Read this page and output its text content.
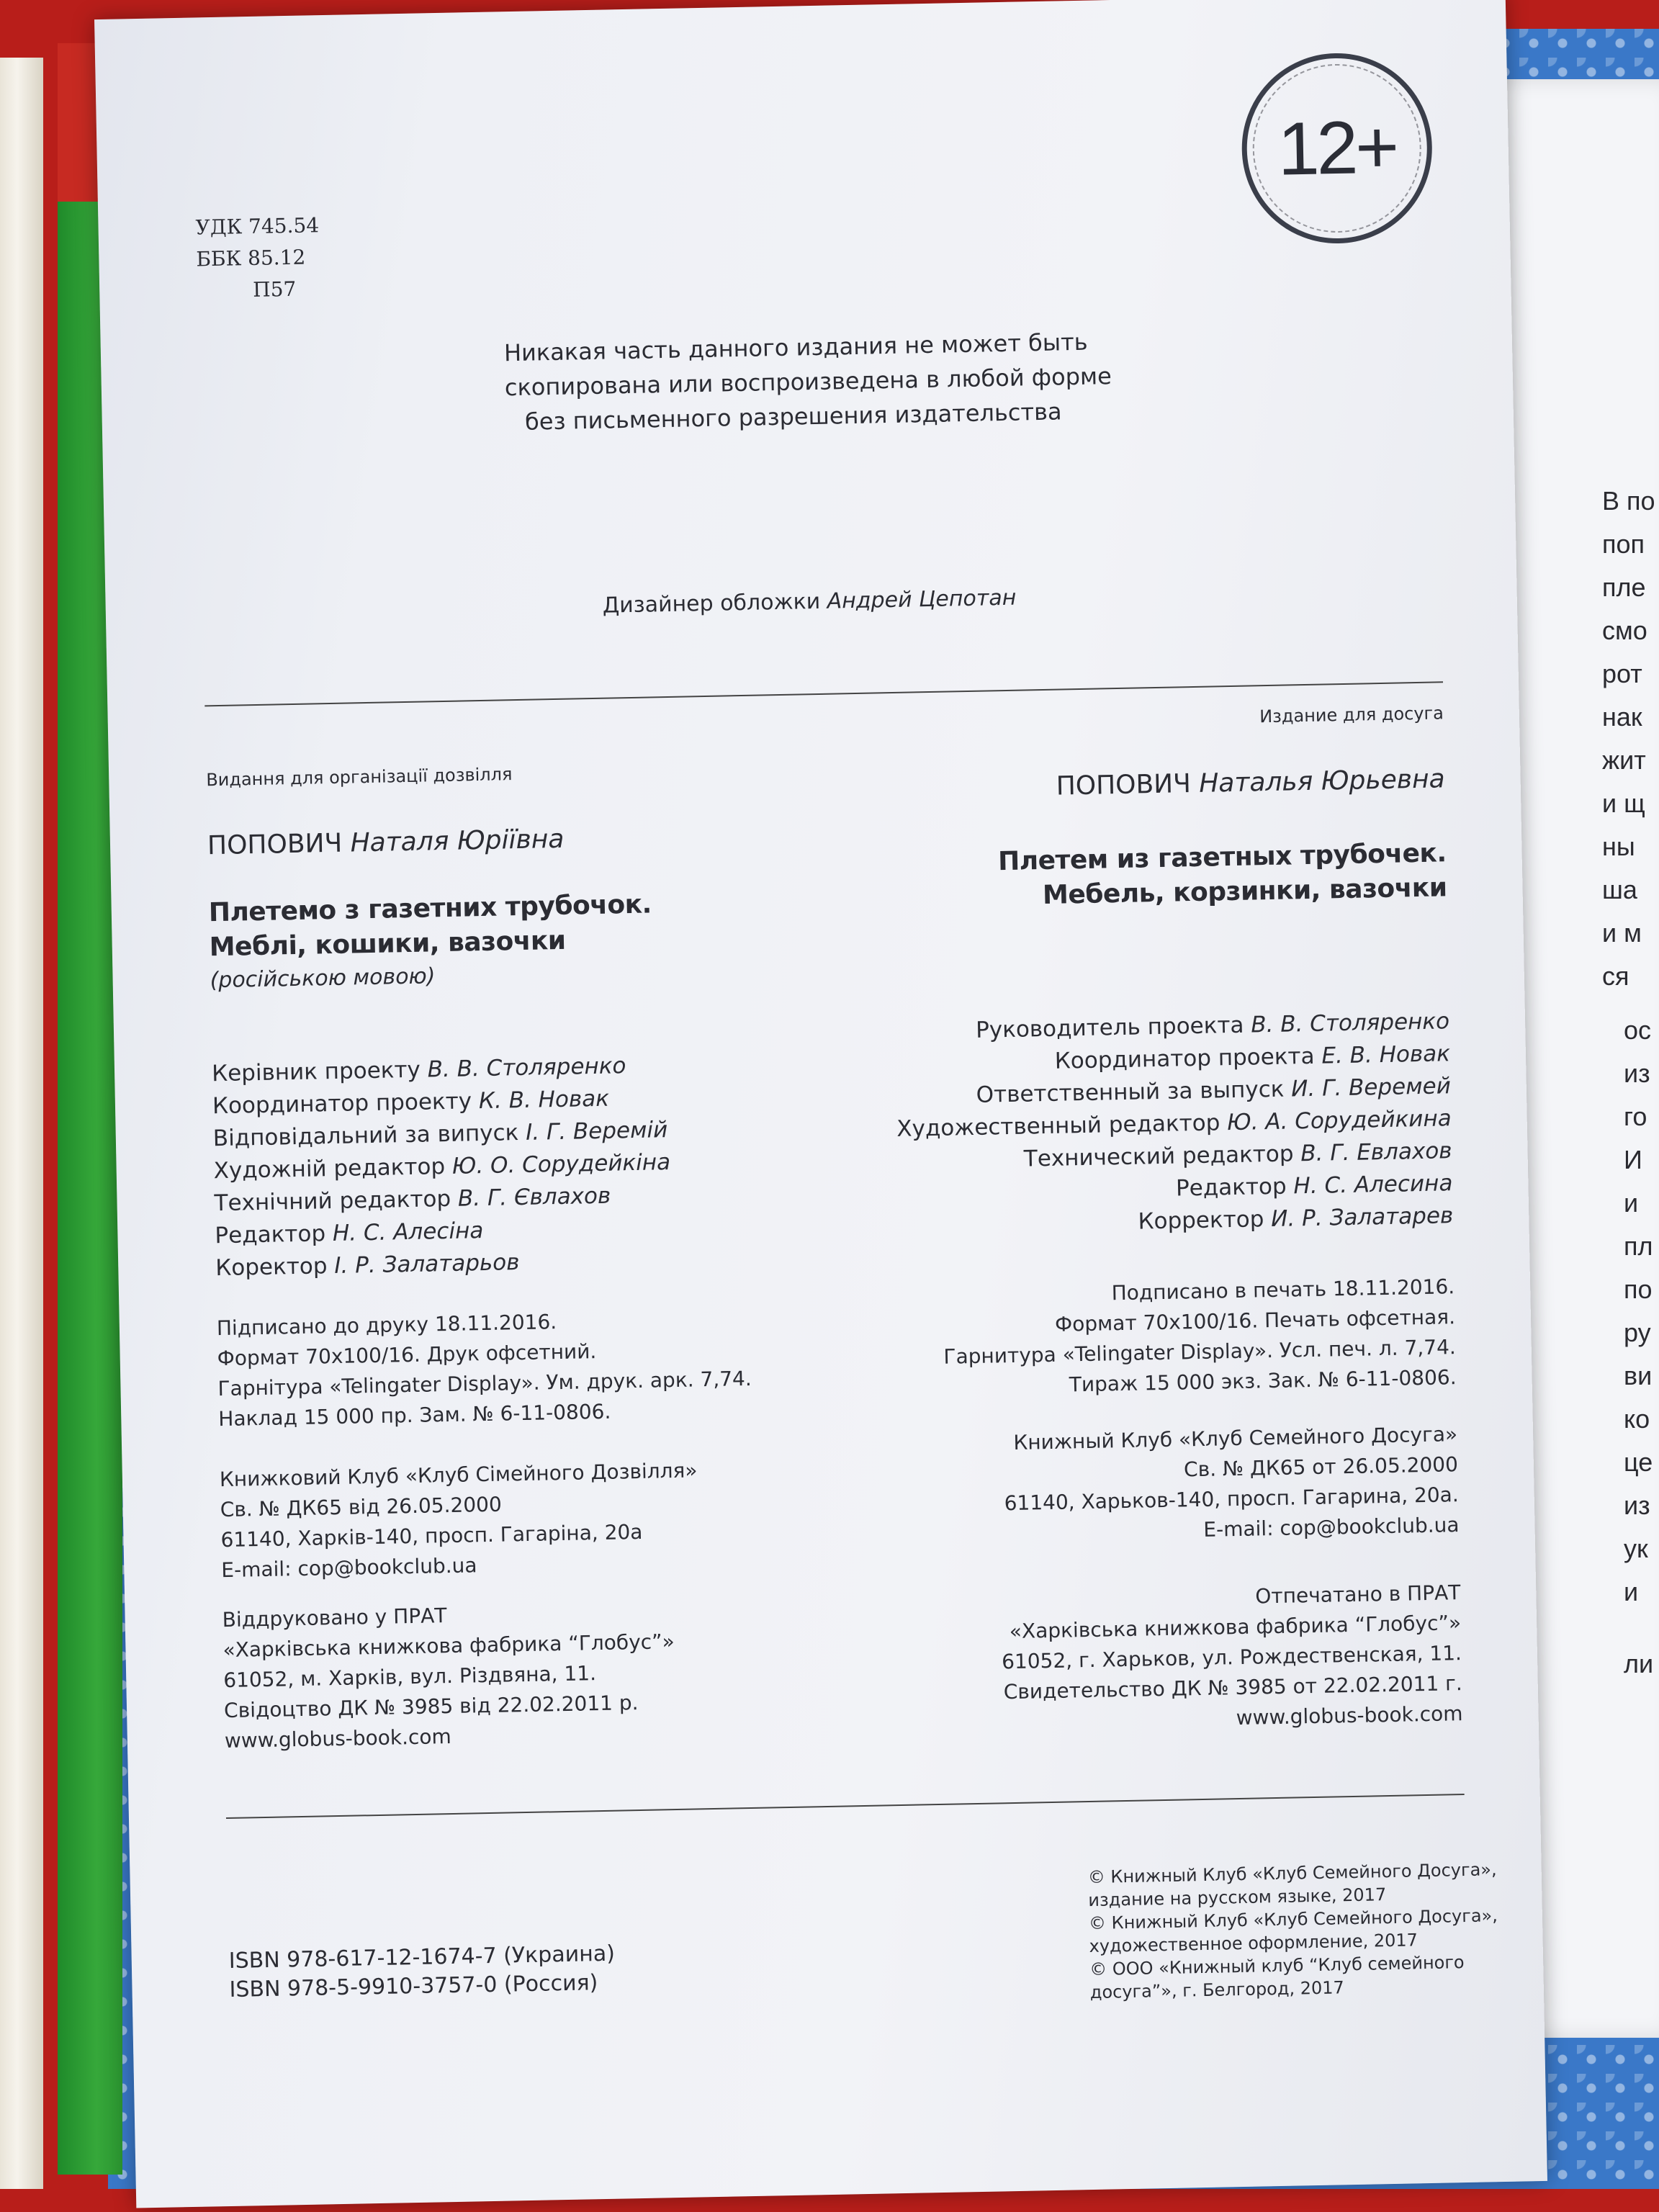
В по
поп
пле
смо
рот
нак
жит
и щ
ны
ша
и м
ся
ос
из
го
И
и
пл
по
ру
ви
ко
це
из
ук
и
ли
УДК 745.54
ББК 85.12
П57
12+
Никакая часть данного издания не может быть
скопирована или воспроизведена в любой форме
без письменного разрешения издательства
Дизайнер обложки Андрей Цепотан
Издание для досуга
ПОПОВИЧ Наталья Юрьевна
Плетем из газетных трубочек.
Мебель, корзинки, вазочки
Руководитель проекта В. В. Столяренко
Координатор проекта Е. В. Новак
Ответственный за выпуск И. Г. Веремей
Художественный редактор Ю. А. Сорудейкина
Технический редактор В. Г. Евлахов
Редактор Н. С. Алесина
Корректор И. Р. Залатарев
Подписано в печать 18.11.2016.
Формат 70х100/16. Печать офсетная.
Гарнитура «Telingater Display». Усл. печ. л. 7,74.
Тираж 15 000 экз. Зак. № 6-11-0806.
Книжный Клуб «Клуб Семейного Досуга»
Св. № ДК65 от 26.05.2000
61140, Харьков-140, просп. Гагарина, 20а.
E-mail: cop@bookclub.ua
Отпечатано в ПРАТ
«Харківська книжкова фабрика “Глобус”»
61052, г. Харьков, ул. Рождественская, 11.
Свидетельство ДК № 3985 от 22.02.2011 г.
www.globus-book.com
Видання для організації дозвілля
ПОПОВИЧ Наталя Юріївна
Плетемо з газетних трубочок.
Меблі, кошики, вазочки
(російською мовою)
Керівник проекту В. В. Столяренко
Координатор проекту К. В. Новак
Відповідальний за випуск І. Г. Веремій
Художній редактор Ю. О. Сорудейкіна
Технічний редактор В. Г. Євлахов
Редактор Н. С. Алесіна
Коректор І. Р. Залатарьов
Підписано до друку 18.11.2016.
Формат 70х100/16. Друк офсетний.
Гарнітура «Telingater Display». Ум. друк. арк. 7,74.
Наклад 15 000 пр. Зам. № 6-11-0806.
Книжковий Клуб «Клуб Сімейного Дозвілля»
Св. № ДК65 від 26.05.2000
61140, Харків-140, просп. Гагаріна, 20а
E-mail: cop@bookclub.ua
Віддруковано у ПРАТ
«Харківська книжкова фабрика “Глобус”»
61052, м. Харків, вул. Різдвяна, 11.
Свідоцтво ДК № 3985 від 22.02.2011 р.
www.globus-book.com
ISBN 978-617-12-1674-7 (Украина)
ISBN 978-5-9910-3757-0 (Россия)
© Книжный Клуб «Клуб Семейного Досуга»,
издание на русском языке, 2017
© Книжный Клуб «Клуб Семейного Досуга»,
художественное оформление, 2017
© ООО «Книжный клуб “Клуб семейного
досуга”», г. Белгород, 2017
